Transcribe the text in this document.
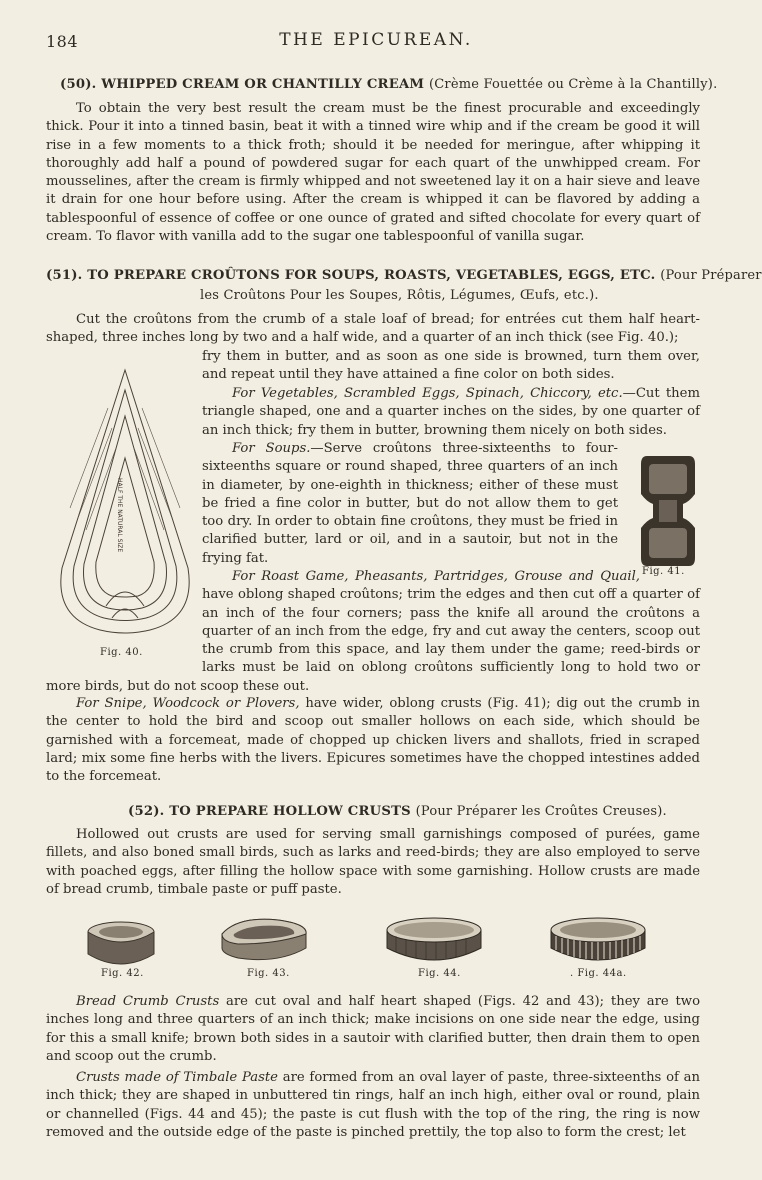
184	THE EPICUREAN.
(50). WHIPPED CREAM OR CHANTILLY CREAM (Crème Fouettée ou Crème à la Chantilly).
To obtain the very best result the cream must be the finest procurable and exceedingly thick. Pour it into a tinned basin, beat it with a tinned wire whip and if the cream be good it will rise in a few moments to a thick froth; should it be needed for meringue, after whipping it thoroughly add half a pound of powdered sugar for each quart of the unwhipped cream. For mousselines, after the cream is firmly whipped and not sweetened lay it on a hair sieve and leave it drain for one hour before using. After the cream is whipped it can be flavored by adding a tablespoonful of essence of coffee or one ounce of grated and sifted chocolate for every quart of cream. To flavor with vanilla add to the sugar one tablespoonful of vanilla sugar.
(51). TO PREPARE CROÛTONS FOR SOUPS, ROASTS, VEGETABLES, EGGS, ETC. (Pour Préparer
les Croûtons Pour les Soupes, Rôtis, Légumes, Œufs, etc.).
Cut the croûtons from the crumb of a stale loaf of bread; for entrées cut them half heart-shaped, three inches long by two and a half wide, and a quarter of an inch thick (see Fig. 40.);
fry them in butter, and as soon as one side is browned, turn them over, and repeat until they have attained a fine color on both sides.
For Vegetables, Scrambled Eggs, Spinach, Chiccory, etc.—Cut them triangle shaped, one and a quarter inches on the sides, by one quarter of an inch thick; fry them in butter, browning them nicely on both sides.
For Soups.—Serve croûtons three-sixteenths to four-sixteenths square or round shaped, three quarters of an inch in diameter, by one-eighth in thickness; either of these must be fried a fine color in butter, but do not allow them to get too dry. In order to obtain fine croûtons, they must be fried in clarified butter, lard or oil, and in a sautoir, but not in the frying fat.
For Roast Game, Pheasants, Partridges, Grouse and Quail, have oblong shaped croûtons; trim the edges and then cut off a quarter of an inch of the four corners; pass the knife all around the croûtons a quarter of an inch from the edge, fry and cut away the centers, scoop out the crumb from this space, and lay them under the game; reed-birds or larks must be laid on oblong croûtons sufficiently long to hold two or more birds, but do not scoop these out.
For Snipe, Woodcock or Plovers, have wider, oblong crusts (Fig. 41); dig out the crumb in the center to hold the bird and scoop out smaller hollows on each side, which should be garnished with a forcemeat, made of chopped up chicken livers and shallots, fried in scraped lard; mix some fine herbs with the livers. Epicures sometimes have the chopped intestines added to the forcemeat.
HALF THE NATURAL SIZE
Fig. 40.
Fig. 41.
(52). TO PREPARE HOLLOW CRUSTS (Pour Préparer les Croûtes Creuses).
Hollowed out crusts are used for serving small garnishings composed of purées, game fillets, and also boned small birds, such as larks and reed-birds; they are also employed to serve with poached eggs, after filling the hollow space with some garnishing. Hollow crusts are made of bread crumb, timbale paste or puff paste.
Fig. 42.	Fig. 43.	Fig. 44.	. Fig. 44a.
Bread Crumb Crusts are cut oval and half heart shaped (Figs. 42 and 43); they are two inches long and three quarters of an inch thick; make incisions on one side near the edge, using for this a small knife; brown both sides in a sautoir with clarified butter, then drain them to open and scoop out the crumb.
Crusts made of Timbale Paste are formed from an oval layer of paste, three-sixteenths of an inch thick; they are shaped in unbuttered tin rings, half an inch high, either oval or round, plain or channelled (Figs. 44 and 45); the paste is cut flush with the top of the ring, the ring is now removed and the outside edge of the paste is pinched prettily, the top also to form the crest; let
